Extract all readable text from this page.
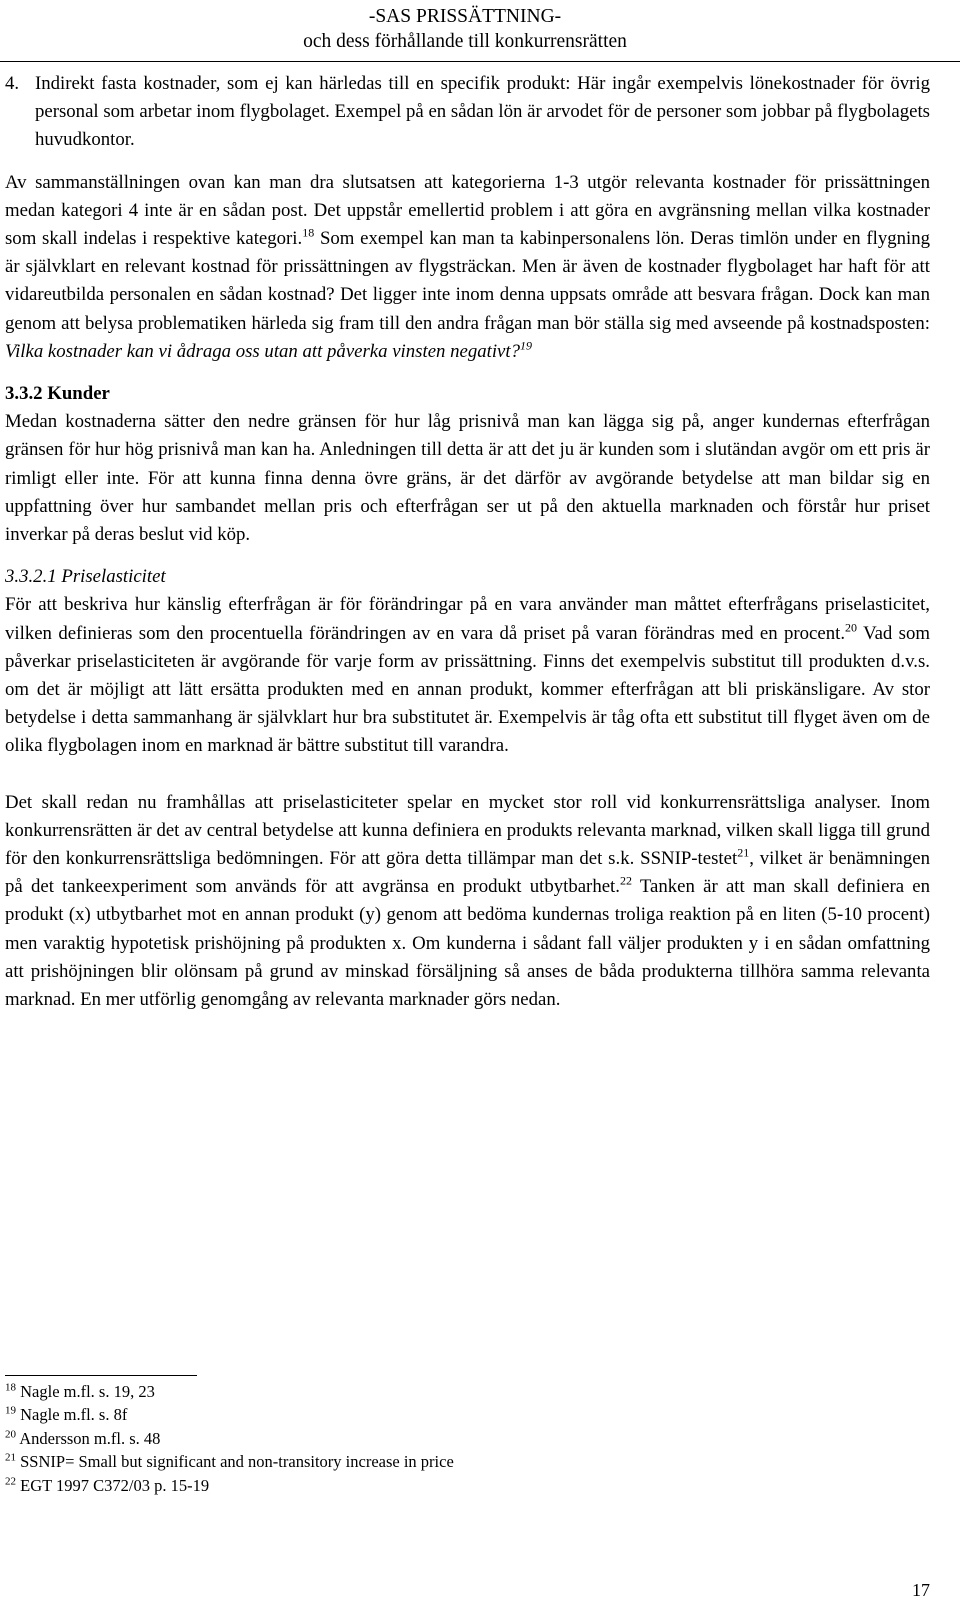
-SAS PRISSÄTTNING-
och dess förhållande till konkurrensrätten
4. Indirekt fasta kostnader, som ej kan härledas till en specifik produkt: Här ingår exempelvis lönekostnader för övrig personal som arbetar inom flygbolaget. Exempel på en sådan lön är arvodet för de personer som jobbar på flygbolagets huvudkontor.

Av sammanställningen ovan kan man dra slutsatsen att kategorierna 1-3 utgör relevanta kostnader för prissättningen medan kategori 4 inte är en sådan post. Det uppstår emellertid problem i att göra en avgränsning mellan vilka kostnader som skall indelas i respektive kategori.$^{18}$ Som exempel kan man ta kabinpersonalens lön. Deras timlön under en flygning är självklart en relevant kostnad för prissättningen av flygsträckan. Men är även de kostnader flygbolaget har haft för att vidareutbilda personalen en sådan kostnad? Det ligger inte inom denna uppsats område att besvara frågan. Dock kan man genom att belysa problematiken härleda sig fram till den andra frågan man bör ställa sig med avseende på kostnadsposten: Vilka kostnader kan vi ådraga oss utan att påverka vinsten negativt?$^{19}$

3.3.2 Kunder

Medan kostnaderna sätter den nedre gränsen för hur låg prisnivå man kan lägga sig på, anger kundernas efterfrågan gränsen för hur hög prisnivå man kan ha. Anledningen till detta är att det ju är kunden som i slutändan avgör om ett pris är rimligt eller inte. För att kunna finna denna övre gräns, är det därför av avgörande betydelse att man bildar sig en uppfattning över hur sambandet mellan pris och efterfrågan ser ut på den aktuella marknaden och förstår hur priset inverkar på deras beslut vid köp.

3.3.2.1 Priselasticitet

För att beskriva hur känslig efterfrågan är för förändringar på en vara använder man måttet efterfrågans priselasticitet, vilken definieras som den procentuella förändringen av en vara då priset på varan förändras med en procent.$^{20}$ Vad som påverkar priselasticiteten är avgörande för varje form av prissättning. Finns det exempelvis substitut till produkten d.v.s. om det är möjligt att lätt ersätta produkten med en annan produkt, kommer efterfrågan att bli priskänsligare. Av stor betydelse i detta sammanhang är självklart hur bra substitutet är. Exempelvis är tåg ofta ett substitut till flyget även om de olika flygbolagen inom en marknad är bättre substitut till varandra.

Det skall redan nu framhållas att priselasticiteter spelar en mycket stor roll vid konkurrensrättsliga analyser. Inom konkurrensrätten är det av central betydelse att kunna definiera en produkts relevanta marknad, vilken skall ligga till grund för den konkurrensrättsliga bedömningen. För att göra detta tillämpar man det s.k. SSNIP-testet$^{21}$, vilket är benämningen på det tankeexperiment som används för att avgränsa en produkt utbytbarhet.$^{22}$ Tanken är att man skall definiera en produkt (x) utbytbarhet mot en annan produkt (y) genom att bedöma kundernas troliga reaktion på en liten (5-10 procent) men varaktig hypotetisk prishöjning på produkten x. Om kunderna i sådant fall väljer produkten y i en sådan omfattning att prishöjningen blir olönsam på grund av minskad försäljning så anses de båda produkterna tillhöra samma relevanta marknad. En mer utförlig genomgång av relevanta marknader görs nedan.

$^{18}$ Nagle m.fl. s. 19, 23

$^{19}$ Nagle m.fl. s. 8f

$^{20}$ Andersson m.fl. s. 48

$^{21}$ SSNIP= Small but significant and non-transitory increase in price

$^{22}$ EGT 1997 C372/03 p. 15-19

17
